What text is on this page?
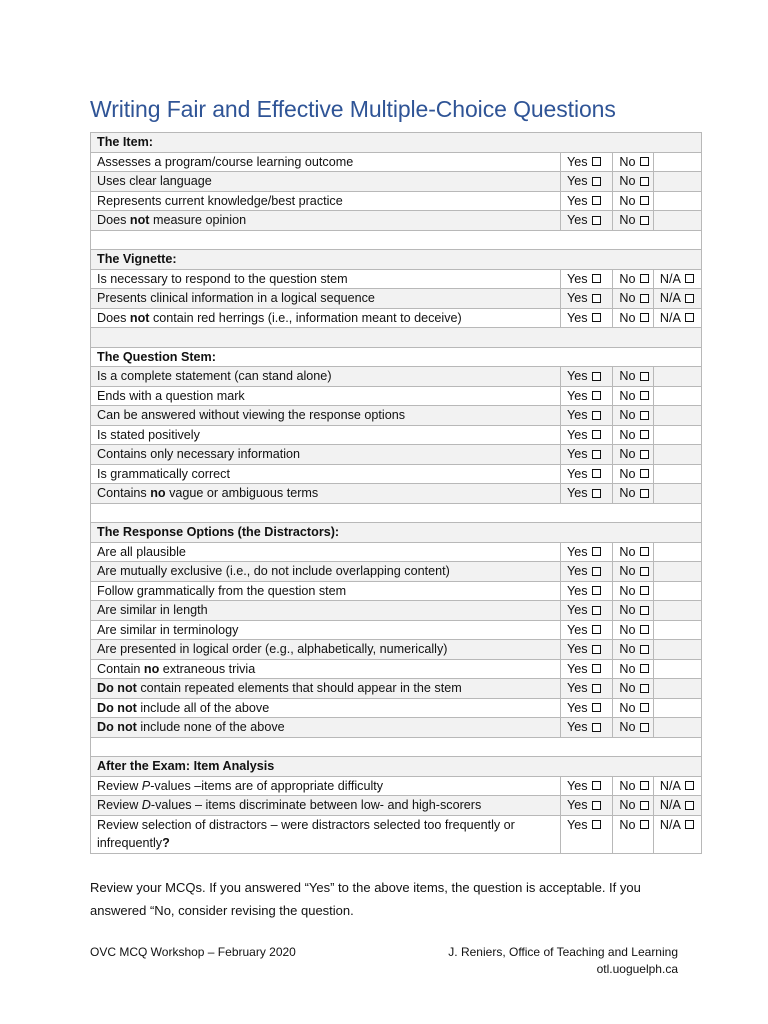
Writing Fair and Effective Multiple-Choice Questions
The Item:			
Assesses a program/course learning outcome	Yes	No	

Uses clear language	Yes	No	

Represents current knowledge/best practice	Yes	No	

Does not measure opinion	Yes	No	

The Vignette:			
Is necessary to respond to the question stem	Yes	No	N/A

Presents clinical information in a logical sequence	Yes	No	N/A

Does not contain red herrings (i.e., information meant to deceive)	Yes	No	N/A

The Question Stem:			
Is a complete statement (can stand alone)	Yes	No	

Ends with a question mark	Yes	No	

Can be answered without viewing the response options	Yes	No	

Is stated positively	Yes	No	

Contains only necessary information	Yes	No	

Is grammatically correct	Yes	No	

Contains no vague or ambiguous terms	Yes	No	

The Response Options (the Distractors):			
Are all plausible	Yes	No	

Are mutually exclusive (i.e., do not include overlapping content)	Yes	No	

Follow grammatically from the question stem	Yes	No	

Are similar in length	Yes	No	

Are similar in terminology	Yes	No	

Are presented in logical order (e.g., alphabetically, numerically)	Yes	No	

Contain no extraneous trivia	Yes	No	

Do not contain repeated elements that should appear in the stem	Yes	No	

Do not include all of the above	Yes	No	

Do not include none of the above	Yes	No	

After the Exam: Item Analysis			
Review P-values –items are of appropriate difficulty	Yes	No	N/A

Review D-values – items discriminate between low- and high-scorers	Yes	No	N/A

Review selection of distractors – were distractors selected too frequently or infrequently?	Yes	No	N/A

Review your MCQs. If you answered “Yes” to the above items, the question is acceptable. If you answered “No, consider revising the question.

OVC MCQ Workshop – February 2020	J. Reniers, Office of Teaching and Learning
otl.uoguelph.ca
